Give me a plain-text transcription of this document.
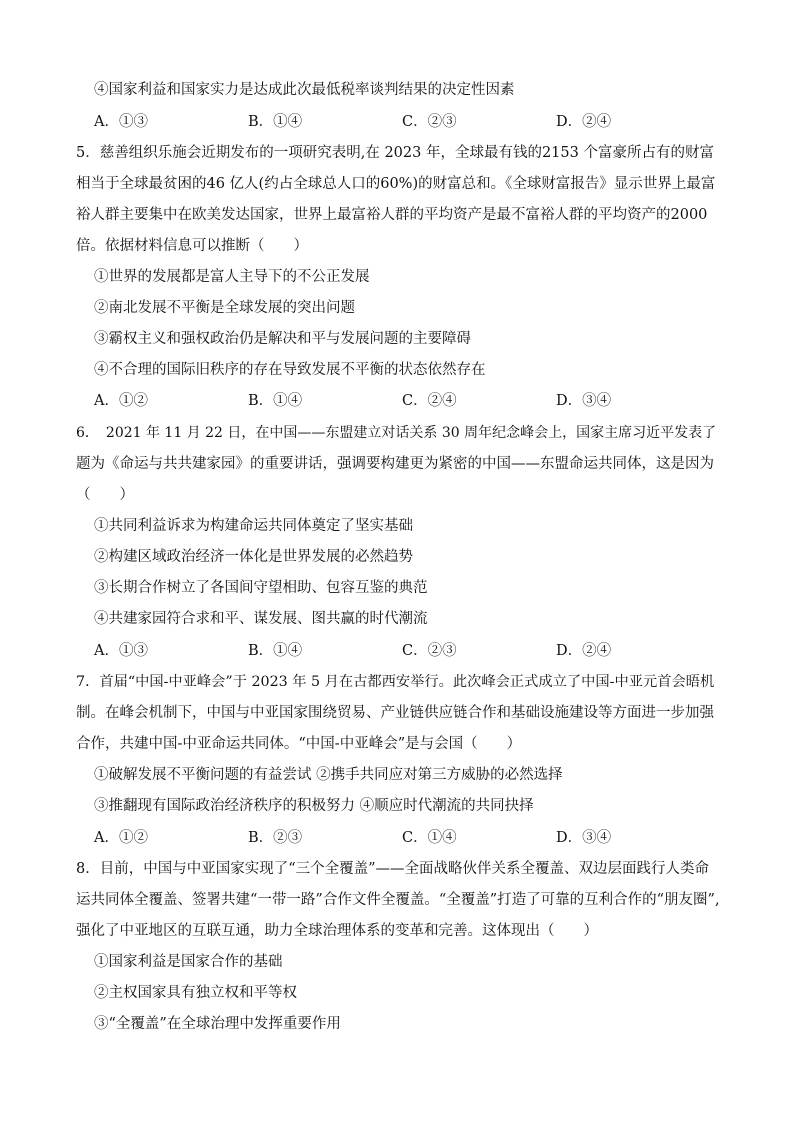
④国家利益和国家实力是达成此次最低税率谈判结果的决定性因素
A．①③	B．①④	C．②③	D．②④
5．慈善组织乐施会近期发布的一项研究表明,在 2023 年，全球最有钱的2153 个富豪所占有的财富
相当于全球最贫困的46 亿人(约占全球总人口的60%)的财富总和。《全球财富报告》显示世界上最富
裕人群主要集中在欧美发达国家，世界上最富裕人群的平均资产是最不富裕人群的平均资产的2000
倍。依据材料信息可以推断（　　）
①世界的发展都是富人主导下的不公正发展
②南北发展不平衡是全球发展的突出问题
③霸权主义和强权政治仍是解决和平与发展问题的主要障碍
④不合理的国际旧秩序的存在导致发展不平衡的状态依然存在
A．①②	B．①④	C．②④	D．③④
6．　2021 年 11 月 22 日，在中国——东盟建立对话关系 30 周年纪念峰会上，国家主席习近平发表了
题为《命运与共共建家园》的重要讲话，强调要构建更为紧密的中国——东盟命运共同体，这是因为
（　　）
①共同利益诉求为构建命运共同体奠定了坚实基础
②构建区域政治经济一体化是世界发展的必然趋势
③长期合作树立了各国间守望相助、包容互鉴的典范
④共建家园符合求和平、谋发展、图共赢的时代潮流
A．①③	B．①④	C．②③	D．②④
7．首届“中国-中亚峰会”于 2023 年 5 月在古都西安举行。此次峰会正式成立了中国-中亚元首会晤机
制。在峰会机制下，中国与中亚国家围绕贸易、产业链供应链合作和基础设施建设等方面进一步加强
合作，共建中国-中亚命运共同体。“中国-中亚峰会”是与会国（　　）
①破解发展不平衡问题的有益尝试 ②携手共同应对第三方威胁的必然选择
③推翻现有国际政治经济秩序的积极努力 ④顺应时代潮流的共同抉择
A．①②	B．②③	C．①④	D．③④
8．目前，中国与中亚国家实现了“三个全覆盖”——全面战略伙伴关系全覆盖、双边层面践行人类命
运共同体全覆盖、签署共建“一带一路”合作文件全覆盖。“全覆盖”打造了可靠的互利合作的“朋友圈”,
强化了中亚地区的互联互通，助力全球治理体系的变革和完善。这体现出（　　）
①国家利益是国家合作的基础
②主权国家具有独立权和平等权
③“全覆盖”在全球治理中发挥重要作用
